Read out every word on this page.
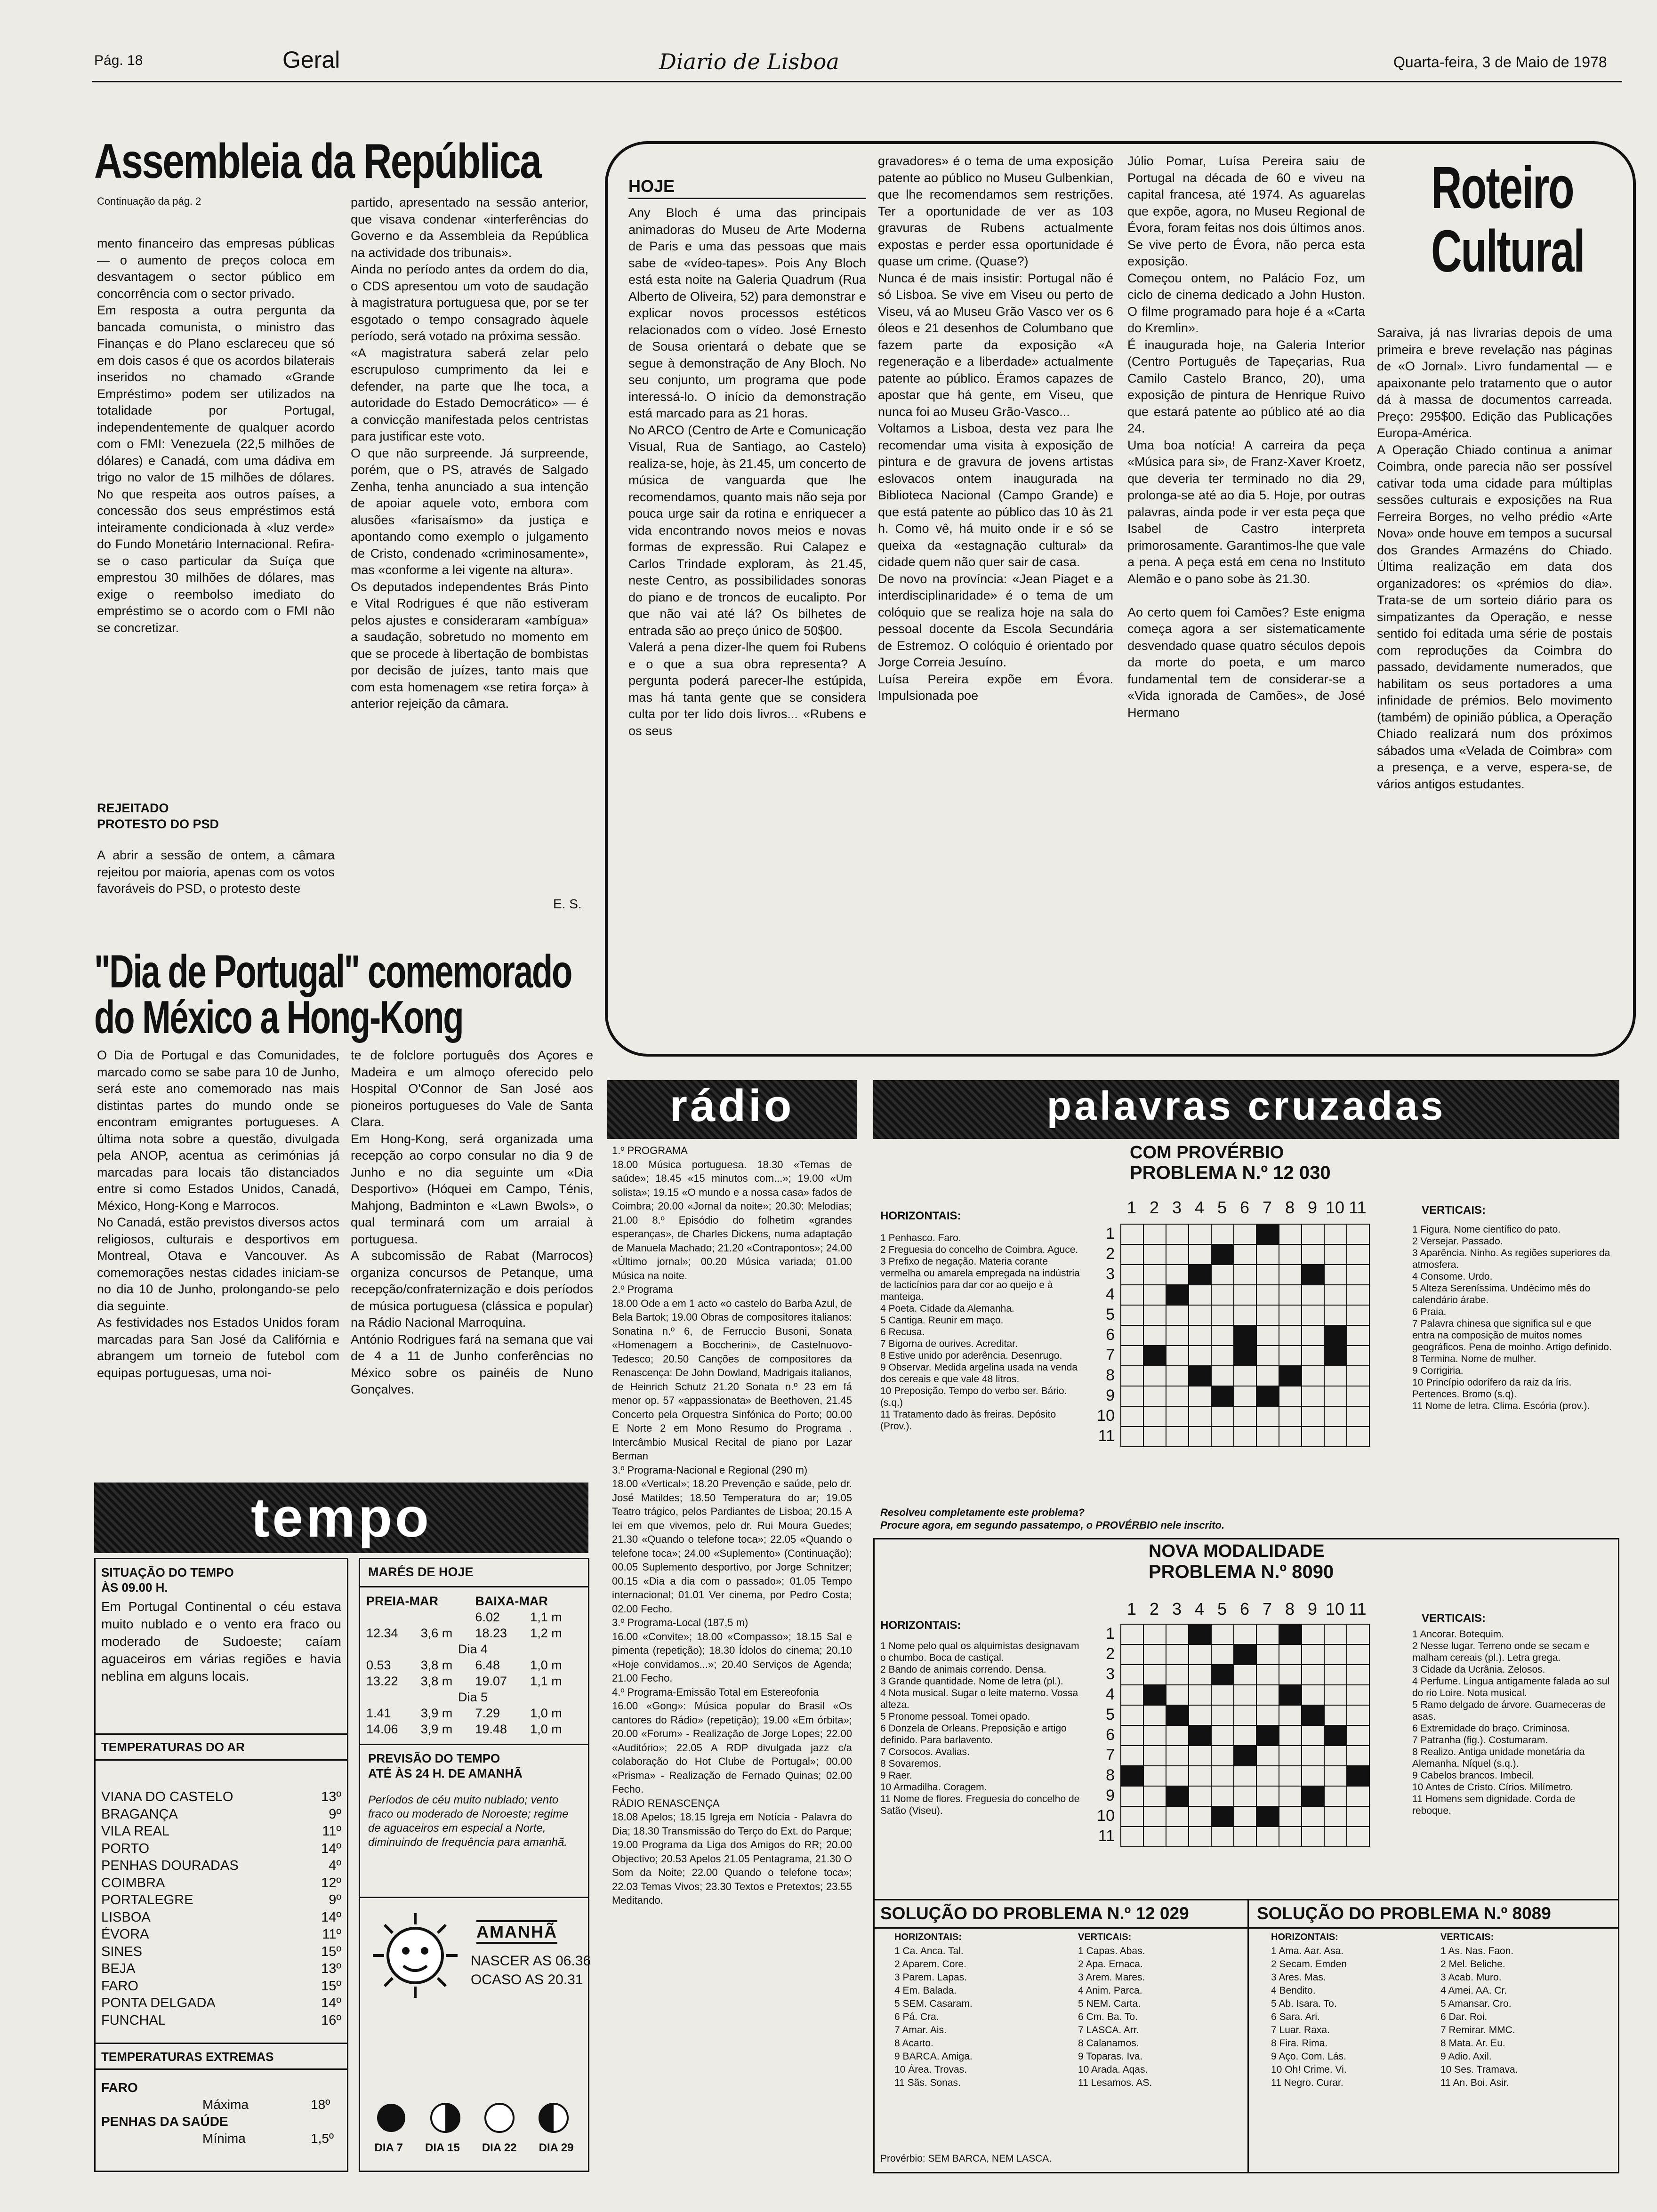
Pág. 18	Geral	Diario de Lisboa	Quarta-feira, 3 de Maio de 1978
Assembleia da República
Continuação da pág. 2
mento financeiro das empresas públicas — o aumento de preços coloca em desvantagem o sector público em concorrência com o sector privado.
Em resposta a outra pergunta da bancada comunista, o ministro das Finanças e do Plano esclareceu que só em dois casos é que os acordos bilaterais inseridos no chamado «Grande Empréstimo» podem ser utilizados na totalidade por Portugal, independentemente de qualquer acordo com o FMI: Venezuela (22,5 milhões de dólares) e Canadá, com uma dádiva em trigo no valor de 15 milhões de dólares. No que respeita aos outros países, a concessão dos seus empréstimos está inteiramente condicionada à «luz verde» do Fundo Monetário Internacional. Refira-se o caso particular da Suíça que emprestou 30 milhões de dólares, mas exige o reembolso imediato do empréstimo se o acordo com o FMI não se concretizar.
REJEITADO
PROTESTO DO PSD
A abrir a sessão de ontem, a câmara rejeitou por maioria, apenas com os votos favoráveis do PSD, o protesto deste
partido, apresentado na sessão anterior, que visava condenar «interferências do Governo e da Assembleia da República na actividade dos tribunais».
Ainda no período antes da ordem do dia, o CDS apresentou um voto de saudação à magistratura portuguesa que, por se ter esgotado o tempo consagrado àquele período, será votado na próxima sessão.
«A magistratura saberá zelar pelo escrupuloso cumprimento da lei e defender, na parte que lhe toca, a autoridade do Estado Democrático» — é a convicção manifestada pelos centristas para justificar este voto.
O que não surpreende. Já surpreende, porém, que o PS, através de Salgado Zenha, tenha anunciado a sua intenção de apoiar aquele voto, embora com alusões «farisaísmo» da justiça e apontando como exemplo o julgamento de Cristo, condenado «criminosamente», mas «conforme a lei vigente na altura».
Os deputados independentes Brás Pinto e Vital Rodrigues é que não estiveram pelos ajustes e consideraram «ambígua» a saudação, sobretudo no momento em que se procede à libertação de bombistas por decisão de juízes, tanto mais que com esta homenagem «se retira força» à anterior rejeição da câmara.
E. S.
"Dia de Portugal" comemorado
do México a Hong-Kong
O Dia de Portugal e das Comunidades, marcado como se sabe para 10 de Junho, será este ano comemorado nas mais distintas partes do mundo onde se encontram emigrantes portugueses. A última nota sobre a questão, divulgada pela ANOP, acentua as cerimónias já marcadas para locais tão distanciados entre si como Estados Unidos, Canadá, México, Hong-Kong e Marrocos.
No Canadá, estão previstos diversos actos religiosos, culturais e desportivos em Montreal, Otava e Vancouver. As comemorações nestas cidades iniciam-se no dia 10 de Junho, prolongando-se pelo dia seguinte.
As festividades nos Estados Unidos foram marcadas para San José da Califórnia e abrangem um torneio de futebol com equipas portuguesas, uma noi-
te de folclore português dos Açores e Madeira e um almoço oferecido pelo Hospital O'Connor de San José aos pioneiros portugueses do Vale de Santa Clara.
Em Hong-Kong, será organizada uma recepção ao corpo consular no dia 9 de Junho e no dia seguinte um «Dia Desportivo» (Hóquei em Campo, Ténis, Mahjong, Badminton e «Lawn Bwols», o qual terminará com um arraial à portuguesa.
A subcomissão de Rabat (Marrocos) organiza concursos de Petanque, uma recepção/confraternização e dois períodos de música portuguesa (clássica e popular) na Rádio Nacional Marroquina.
António Rodrigues fará na semana que vai de 4 a 11 de Junho conferências no México sobre os painéis de Nuno Gonçalves.
HOJE
Any Bloch é uma das principais animadoras do Museu de Arte Moderna de Paris e uma das pessoas que mais sabe de «vídeo-tapes». Pois Any Bloch está esta noite na Galeria Quadrum (Rua Alberto de Oliveira, 52) para demonstrar e explicar novos processos estéticos relacionados com o vídeo. José Ernesto de Sousa orientará o debate que se segue à demonstração de Any Bloch. No seu conjunto, um programa que pode interessá-lo. O início da demonstração está marcado para as 21 horas.
No ARCO (Centro de Arte e Comunicação Visual, Rua de Santiago, ao Castelo) realiza-se, hoje, às 21.45, um concerto de música de vanguarda que lhe recomendamos, quanto mais não seja por pouca urge sair da rotina e enriquecer a vida encontrando novos meios e novas formas de expressão. Rui Calapez e Carlos Trindade exploram, às 21.45, neste Centro, as possibilidades sonoras do piano e de troncos de eucalipto. Por que não vai até lá? Os bilhetes de entrada são ao preço único de 50$00.
Valerá a pena dizer-lhe quem foi Rubens e o que a sua obra representa? A pergunta poderá parecer-lhe estúpida, mas há tanta gente que se considera culta por ter lido dois livros... «Rubens e os seus
gravadores» é o tema de uma exposição patente ao público no Museu Gulbenkian, que lhe recomendamos sem restrições. Ter a oportunidade de ver as 103 gravuras de Rubens actualmente expostas e perder essa oportunidade é quase um crime. (Quase?)
Nunca é de mais insistir: Portugal não é só Lisboa. Se vive em Viseu ou perto de Viseu, vá ao Museu Grão Vasco ver os 6 óleos e 21 desenhos de Columbano que fazem parte da exposição «A regeneração e a liberdade» actualmente patente ao público. Éramos capazes de apostar que há gente, em Viseu, que nunca foi ao Museu Grão-Vasco...
Voltamos a Lisboa, desta vez para lhe recomendar uma visita à exposição de pintura e de gravura de jovens artistas eslovacos ontem inaugurada na Biblioteca Nacional (Campo Grande) e que está patente ao público das 10 às 21 h. Como vê, há muito onde ir e só se queixa da «estagnação cultural» da cidade quem não quer sair de casa.
De novo na província: «Jean Piaget e a interdisciplinaridade» é o tema de um colóquio que se realiza hoje na sala do pessoal docente da Escola Secundária de Estremoz. O colóquio é orientado por Jorge Correia Jesuíno.
Luísa Pereira expõe em Évora. Impulsionada poe
Júlio Pomar, Luísa Pereira saiu de Portugal na década de 60 e viveu na capital francesa, até 1974. As aguarelas que expõe, agora, no Museu Regional de Évora, foram feitas nos dois últimos anos. Se vive perto de Évora, não perca esta exposição.
Começou ontem, no Palácio Foz, um ciclo de cinema dedicado a John Huston. O filme programado para hoje é a «Carta do Kremlin».
É inaugurada hoje, na Galeria Interior (Centro Português de Tapeçarias, Rua Camilo Castelo Branco, 20), uma exposição de pintura de Henrique Ruivo que estará patente ao público até ao dia 24.
Uma boa notícia! A carreira da peça «Música para si», de Franz-Xaver Kroetz, que deveria ter terminado no dia 29, prolonga-se até ao dia 5. Hoje, por outras palavras, ainda pode ir ver esta peça que Isabel de Castro interpreta primorosamente. Garantimos-lhe que vale a pena. A peça está em cena no Instituto Alemão e o pano sobe às 21.30.

Ao certo quem foi Camões? Este enigma começa agora a ser sistematicamente desvendado quase quatro séculos depois da morte do poeta, e um marco fundamental tem de considerar-se a «Vida ignorada de Camões», de José Hermano
Roteiro
Cultural
Saraiva, já nas livrarias depois de uma primeira e breve revelação nas páginas de «O Jornal». Livro fundamental — e apaixonante pelo tratamento que o autor dá à massa de documentos carreada. Preço: 295$00. Edição das Publicações Europa-América.
A Operação Chiado continua a animar Coimbra, onde parecia não ser possível cativar toda uma cidade para múltiplas sessões culturais e exposições na Rua Ferreira Borges, no velho prédio «Arte Nova» onde houve em tempos a sucursal dos Grandes Armazéns do Chiado. Última realização em data dos organizadores: os «prémios do dia». Trata-se de um sorteio diário para os simpatizantes da Operação, e nesse sentido foi editada uma série de postais com reproduções da Coimbra do passado, devidamente numerados, que habilitam os seus portadores a uma infinidade de prémios. Belo movimento (também) de opinião pública, a Operação Chiado realizará num dos próximos sábados uma «Velada de Coimbra» com a presença, e a verve, espera-se, de vários antigos estudantes.
rádio
1.º PROGRAMA
18.00 Música portuguesa. 18.30 «Temas de saúde»; 18.45 «15 minutos com...»; 19.00 «Um solista»; 19.15 «O mundo e a nossa casa» fados de Coimbra; 20.00 «Jornal da noite»; 20.30: Melodias; 21.00 8.º Episódio do folhetim «grandes esperanças», de Charles Dickens, numa adaptação de Manuela Machado; 21.20 «Contrapontos»; 24.00 «Último jornal»; 00.20 Música variada; 01.00 Música na noite.
2.º Programa
18.00 Ode a em 1 acto «o castelo do Barba Azul, de Bela Bartok; 19.00 Obras de compositores italianos: Sonatina n.º 6, de Ferruccio Busoni, Sonata «Homenagem a Boccherini», de Castelnuovo-Tedesco; 20.50 Canções de compositores da Renascença: De John Dowland, Madrigais italianos, de Heinrich Schutz 21.20 Sonata n.º 23 em fá menor op. 57 «appassionata» de Beethoven, 21.45 Concerto pela Orquestra Sinfónica do Porto; 00.00 E Norte 2 em Mono Resumo do Programa . Intercâmbio Musical Recital de piano por Lazar Berman
3.º Programa-Nacional e Regional (290 m)
18.00 «Vertical»; 18.20 Prevenção e saúde, pelo dr. José Matildes; 18.50 Temperatura do ar; 19.05 Teatro trágico, pelos Pardiantes de Lisboa; 20.15 A lei em que vivemos, pelo dr. Rui Moura Guedes; 21.30 «Quando o telefone toca»; 22.05 «Quando o telefone toca»; 24.00 «Suplemento» (Continuação); 00.05 Suplemento desportivo, por Jorge Schnitzer; 00.15 «Dia a dia com o passado»; 01.05 Tempo internacional; 01.01 Ver cinema, por Pedro Costa; 02.00 Fecho.
3.º Programa-Local (187,5 m)
16.00 «Convite»; 18.00 «Compasso»; 18.15 Sal e pimenta (repetição); 18.30 Ídolos do cinema; 20.10 «Hoje convidamos...»; 20.40 Serviços de Agenda; 21.00 Fecho.
4.º Programa-Emissão Total em Estereofonia
16.00 «Gong»: Música popular do Brasil «Os cantores do Rádio» (repetição); 19.00 «Em órbita»; 20.00 «Forum» - Realização de Jorge Lopes; 22.00 «Auditório»; 22.05 A RDP divulgada jazz c/a colaboração do Hot Clube de Portugal»; 00.00 «Prisma» - Realização de Fernado Quinas; 02.00 Fecho.
RÁDIO RENASCENÇA
18.08 Apelos; 18.15 Igreja em Notícia - Palavra do Dia; 18.30 Transmissão do Terço do Ext. do Parque; 19.00 Programa da Liga dos Amigos do RR; 20.00 Objectivo; 20.53 Apelos 21.05 Pentagrama, 21.30 O Som da Noite; 22.00 Quando o telefone toca»; 22.03 Temas Vivos; 23.30 Textos e Pretextos; 23.55 Meditando.
tempo
SITUAÇÃO DO TEMPO
ÀS 09.00 H.
Em Portugal Continental o céu estava muito nublado e o vento era fraco ou moderado de Sudoeste; caíam aguaceiros em várias regiões e havia neblina em alguns locais.
TEMPERATURAS DO AR
VIANA DO CASTELO	13º
BRAGANÇA	9º
VILA REAL	11º
PORTO	14º
PENHAS DOURADAS	4º
COIMBRA	12º
PORTALEGRE	9º
LISBOA	14º
ÉVORA	11º
SINES	15º
BEJA	13º
FARO	15º
PONTA DELGADA	14º
FUNCHAL	16º
TEMPERATURAS EXTREMAS
FARO
Máxima	18º
PENHAS DA SAÚDE
Mínima	1,5º
MARÉS DE HOJE
PREIA-MAR		BAIXA-MAR	
		6.02	1,1 m
12.34	3,6 m	18.23	1,2 m
Dia 4			
0.53	3,8 m	6.48	1,0 m
13.22	3,8 m	19.07	1,1 m
Dia 5			
1.41	3,9 m	7.29	1,0 m
14.06	3,9 m	19.48	1,0 m
PREVISÃO DO TEMPO
ATÉ ÀS 24 H. DE AMANHÃ
Períodos de céu muito nublado; vento fraco ou moderado de Noroeste; regime de aguaceiros em especial a Norte, diminuindo de frequência para amanhã.
AMANHÃ
NASCER AS 06.36
OCASO AS 20.31
DIA 7 DIA 15 DIA 22 DIA 29
palavras cruzadas
COM PROVÉRBIO
PROBLEMA N.º 12 030
HORIZONTAIS:	VERTICAIS:
1 2 3 4 5 6 7 8 9 10 11
1
2
3
4
5
6
7
8
9
10
11

1 Penhasco. Faro.
2 Freguesia do concelho de Coimbra. Aguce.
3 Prefixo de negação. Materia corante vermelha ou amarela empregada na indústria de lacticínios para dar cor ao queijo e à manteiga.
4 Poeta. Cidade da Alemanha.
5 Cantiga. Reunir em maço.
6 Recusa.
7 Bigorna de ourives. Acreditar.
8 Estive unido por aderência. Desenrugo.
9 Observar. Medida argelina usada na venda dos cereais e que vale 48 litros.
10 Preposição. Tempo do verbo ser. Bário. (s.q.)
11 Tratamento dado às freiras. Depósito (Prov.).
1 Figura. Nome científico do pato.
2 Versejar. Passado.
3 Aparência. Ninho. As regiões superiores da atmosfera.
4 Consome. Urdo.
5 Alteza Sereníssima. Undécimo mês do calendário árabe.
6 Praia.
7 Palavra chinesa que significa sul e que entra na composição de muitos nomes geográficos. Pena de moinho. Artigo definido.
8 Termina. Nome de mulher.
9 Corrigiria.
10 Princípio odorífero da raiz da íris. Pertences. Bromo (s.q).
11 Nome de letra. Clima. Escória (prov.).
Resolveu completamente este problema?
Procure agora, em segundo passatempo, o PROVÉRBIO nele inscrito.
NOVA MODALIDADE
PROBLEMA N.º 8090
HORIZONTAIS:
VERTICAIS:
1 2 3 4 5 6 7 8 9 10 11
1
2
3
4
5
6
7
8
9
10
11

1 Nome pelo qual os alquimistas designavam o chumbo. Boca de castiçal.
2 Bando de animais correndo. Densa.
3 Grande quantidade. Nome de letra (pl.).
4 Nota musical. Sugar o leite materno. Vossa alteza.
5 Pronome pessoal. Tomei opado.
6 Donzela de Orleans. Preposição e artigo definido. Para barlavento.
7 Corsocos. Avalias.
8 Sovaremos.
9 Raer.
10 Armadilha. Coragem.
11 Nome de flores. Freguesia do concelho de Satão (Viseu).
1 Ancorar. Botequim.
2 Nesse lugar. Terreno onde se secam e malham cereais (pl.). Letra grega.
3 Cidade da Ucrânia. Zelosos.
4 Perfume. Língua antigamente falada ao sul do rio Loire. Nota musical.
5 Ramo delgado de árvore. Guarneceras de asas.
6 Extremidade do braço. Criminosa.
7 Patranha (fig.). Costumaram.
8 Realizo. Antiga unidade monetária da Alemanha. Níquel (s.q.).
9 Cabelos brancos. Imbecil.
10 Antes de Cristo. Círios. Milímetro.
11 Homens sem dignidade. Corda de reboque.
SOLUÇÃO DO PROBLEMA N.º 12 029	SOLUÇÃO DO PROBLEMA N.º 8089
HORIZONTAIS:	VERTICAIS:
1 Ca. Anca. Tal.
2 Aparem. Core.
3 Parem. Lapas.
4 Em. Balada.
5 SEM. Casaram.
6 Pá. Cra.
7 Amar. Ais.
8 Acarto.
9 BARCA. Amiga.
10 Área. Trovas.
11 Sãs. Sonas.
1 Capas. Abas.
2 Apa. Ernaca.
3 Arem. Mares.
4 Anim. Parca.
5 NEM. Carta.
6 Cm. Ba. To.
7 LASCA. Arr.
8 Calanamos.
9 Toparas. Iva.
10 Arada. Aqas.
11 Lesamos. AS.
Provérbio: SEM BARCA, NEM LASCA.
HORIZONTAIS:	VERTICAIS:
1 Ama. Aar. Asa.
2 Secam. Emden
3 Ares. Mas.
4 Bendito.
5 Ab. Isara. To.
6 Sara. Ari.
7 Luar. Raxa.
8 Fira. Rima.
9 Aço. Com. Lás.
10 Oh! Crime. Vi.
11 Negro. Curar.
1 As. Nas. Faon.
2 Mel. Beliche.
3 Acab. Muro.
4 Amei. AA. Cr.
5 Amansar. Cro.
6 Dar. Roi.
7 Remirar. MMC.
8 Mata. Ar. Eu.
9 Adio. Axil.
10 Ses. Tramava.
11 An. Boi. Asir.
